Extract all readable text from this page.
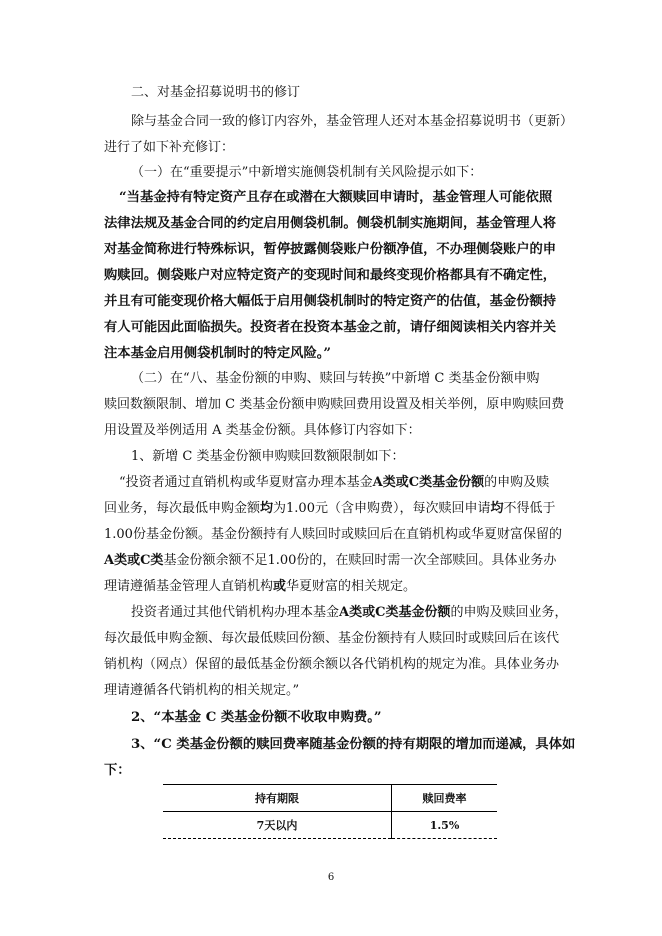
二、对基金招募说明书的修订
除与基金合同一致的修订内容外，基金管理人还对本基金招募说明书（更新）
进行了如下补充修订：
（一）在“重要提示”中新增实施侧袋机制有关风险提示如下：
“当基金持有特定资产且存在或潜在大额赎回申请时，基金管理人可能依照
法律法规及基金合同的约定启用侧袋机制。侧袋机制实施期间，基金管理人将
对基金简称进行特殊标识，暂停披露侧袋账户份额净值，不办理侧袋账户的申
购赎回。侧袋账户对应特定资产的变现时间和最终变现价格都具有不确定性，
并且有可能变现价格大幅低于启用侧袋机制时的特定资产的估值，基金份额持
有人可能因此面临损失。投资者在投资本基金之前，请仔细阅读相关内容并关
注本基金启用侧袋机制时的特定风险。”
（二）在“八、基金份额的申购、赎回与转换”中新增 C 类基金份额申购
赎回数额限制、增加 C 类基金份额申购赎回费用设置及相关举例，原申购赎回费
用设置及举例适用 A 类基金份额。具体修订内容如下：
1、新增 C 类基金份额申购赎回数额限制如下：
“投资者通过直销机构或华夏财富办理本基金A类或C类基金份额的申购及赎
回业务，每次最低申购金额均为1.00元（含申购费），每次赎回申请均不得低于
1.00份基金份额。基金份额持有人赎回时或赎回后在直销机构或华夏财富保留的
A类或C类基金份额余额不足1.00份的，在赎回时需一次全部赎回。具体业务办
理请遵循基金管理人直销机构或华夏财富的相关规定。
投资者通过其他代销机构办理本基金A类或C类基金份额的申购及赎回业务，
每次最低申购金额、每次最低赎回份额、基金份额持有人赎回时或赎回后在该代
销机构（网点）保留的最低基金份额余额以各代销机构的规定为准。具体业务办
理请遵循各代销机构的相关规定。”
2、“本基金 C 类基金份额不收取申购费。”
3、“C 类基金份额的赎回费率随基金份额的持有期限的增加而递减，具体如
下：
持有期限	赎回费率
7天以内	1.5%
6
